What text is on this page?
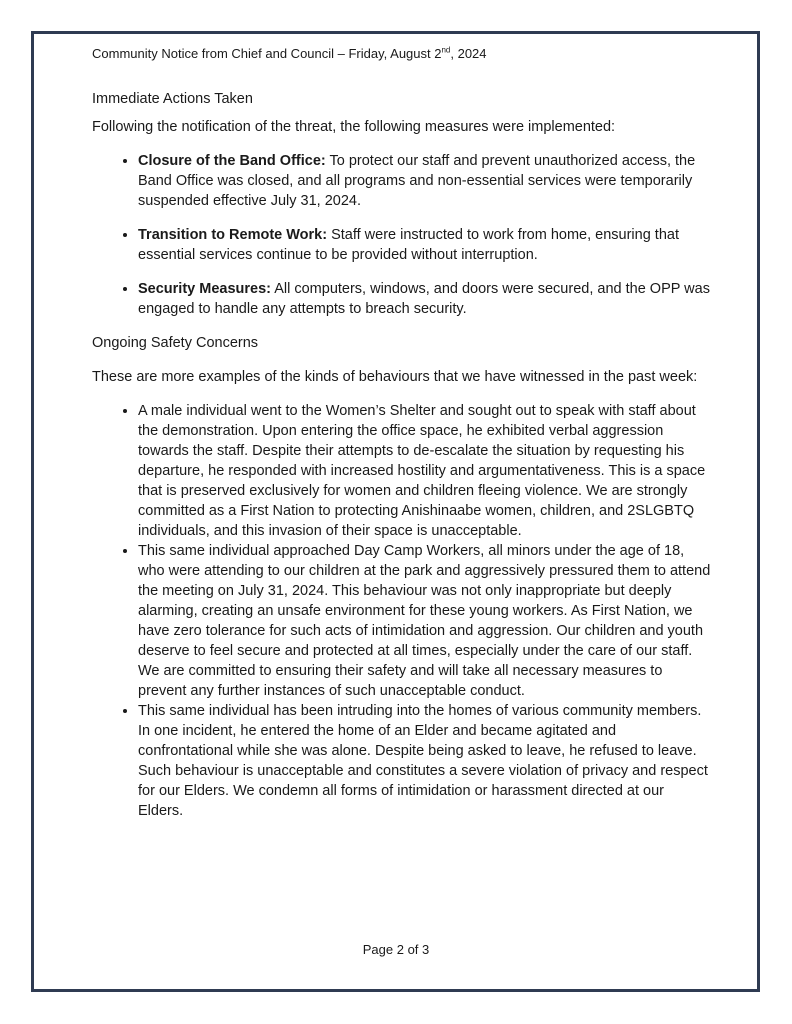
Community Notice from Chief and Council – Friday, August 2nd, 2024

Immediate Actions Taken

Following the notification of the threat, the following measures were implemented:

• Closure of the Band Office: To protect our staff and prevent unauthorized access, the Band Office was closed, and all programs and non-essential services were temporarily suspended effective July 31, 2024.
• Transition to Remote Work: Staff were instructed to work from home, ensuring that essential services continue to be provided without interruption.
• Security Measures: All computers, windows, and doors were secured, and the OPP was engaged to handle any attempts to breach security.
Ongoing Safety Concerns

These are more examples of the kinds of behaviours that we have witnessed in the past week:

• A male individual went to the Women’s Shelter and sought out to speak with staff about the demonstration. Upon entering the office space, he exhibited verbal aggression towards the staff. Despite their attempts to de-escalate the situation by requesting his departure, he responded with increased hostility and argumentativeness. This is a space that is preserved exclusively for women and children fleeing violence. We are strongly committed as a First Nation to protecting Anishinaabe women, children, and 2SLGBTQ individuals, and this invasion of their space is unacceptable.
• This same individual approached Day Camp Workers, all minors under the age of 18, who were attending to our children at the park and aggressively pressured them to attend the meeting on July 31, 2024. This behaviour was not only inappropriate but deeply alarming, creating an unsafe environment for these young workers. As First Nation, we have zero tolerance for such acts of intimidation and aggression. Our children and youth deserve to feel secure and protected at all times, especially under the care of our staff. We are committed to ensuring their safety and will take all necessary measures to prevent any further instances of such unacceptable conduct.
• This same individual has been intruding into the homes of various community members. In one incident, he entered the home of an Elder and became agitated and confrontational while she was alone. Despite being asked to leave, he refused to leave. Such behaviour is unacceptable and constitutes a severe violation of privacy and respect for our Elders. We condemn all forms of intimidation or harassment directed at our Elders.
Page 2 of 3
